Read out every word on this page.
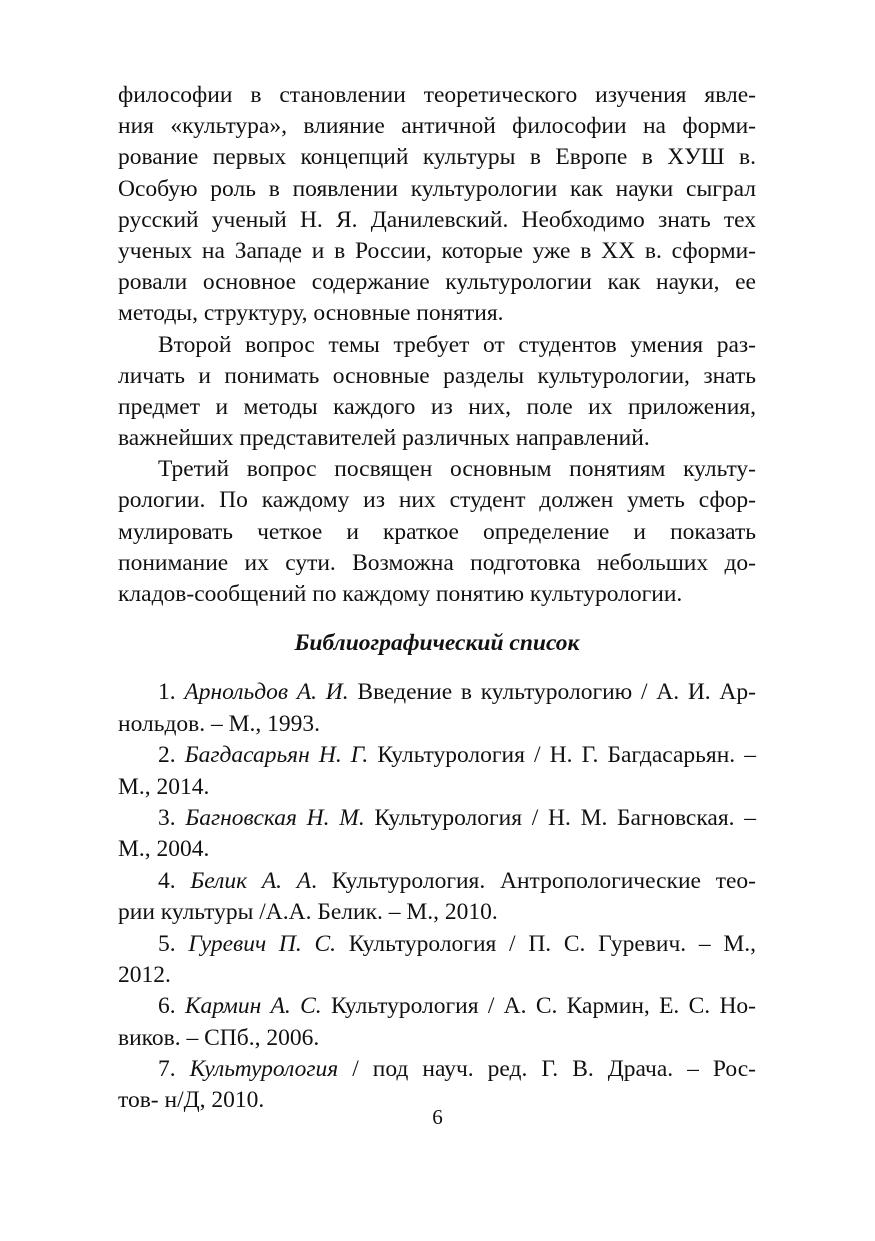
философии в становлении теоретического изучения явле-
ния «культура», влияние античной философии на форми-
рование первых концепций культуры в Европе в ХУШ в.
Особую роль в появлении культурологии как науки сыграл
русский ученый Н. Я. Данилевский. Необходимо знать тех
ученых на Западе и в России, которые уже в XX в. сформи-
ровали основное содержание культурологии как науки, ее
методы, структуру, основные понятия.
Второй вопрос темы требует от студентов умения раз-
личать и понимать основные разделы культурологии, знать
предмет и методы каждого из них, поле их приложения,
важнейших представителей различных направлений.
Третий вопрос посвящен основным понятиям культу-
рологии. По каждому из них студент должен уметь сфор-
мулировать четкое и краткое определение и показать
понимание их сути. Возможна подготовка небольших до-
кладов-сообщений по каждому понятию культурологии.
Библиографический список
1. Арнольдов А. И. Введение в культурологию / А. И. Ар-
нольдов. – М., 1993.
2. Багдасарьян Н. Г. Культурология / Н. Г. Багдасарьян. –
М., 2014.
3. Багновская Н. М. Культурология / Н. М. Багновская. –
М., 2004.
4. Белик А. А. Культурология. Антропологические тео-
рии культуры /А.А. Белик. – М., 2010.
5. Гуревич П. С. Культурология / П. С. Гуревич. – М.,
2012.
6. Кармин А. С. Культурология / А. С. Кармин, Е. С. Но-
виков. – СПб., 2006.
7. Культурология / под науч. ред. Г. В. Драча. – Рос-
тов- н/Д, 2010.
6
